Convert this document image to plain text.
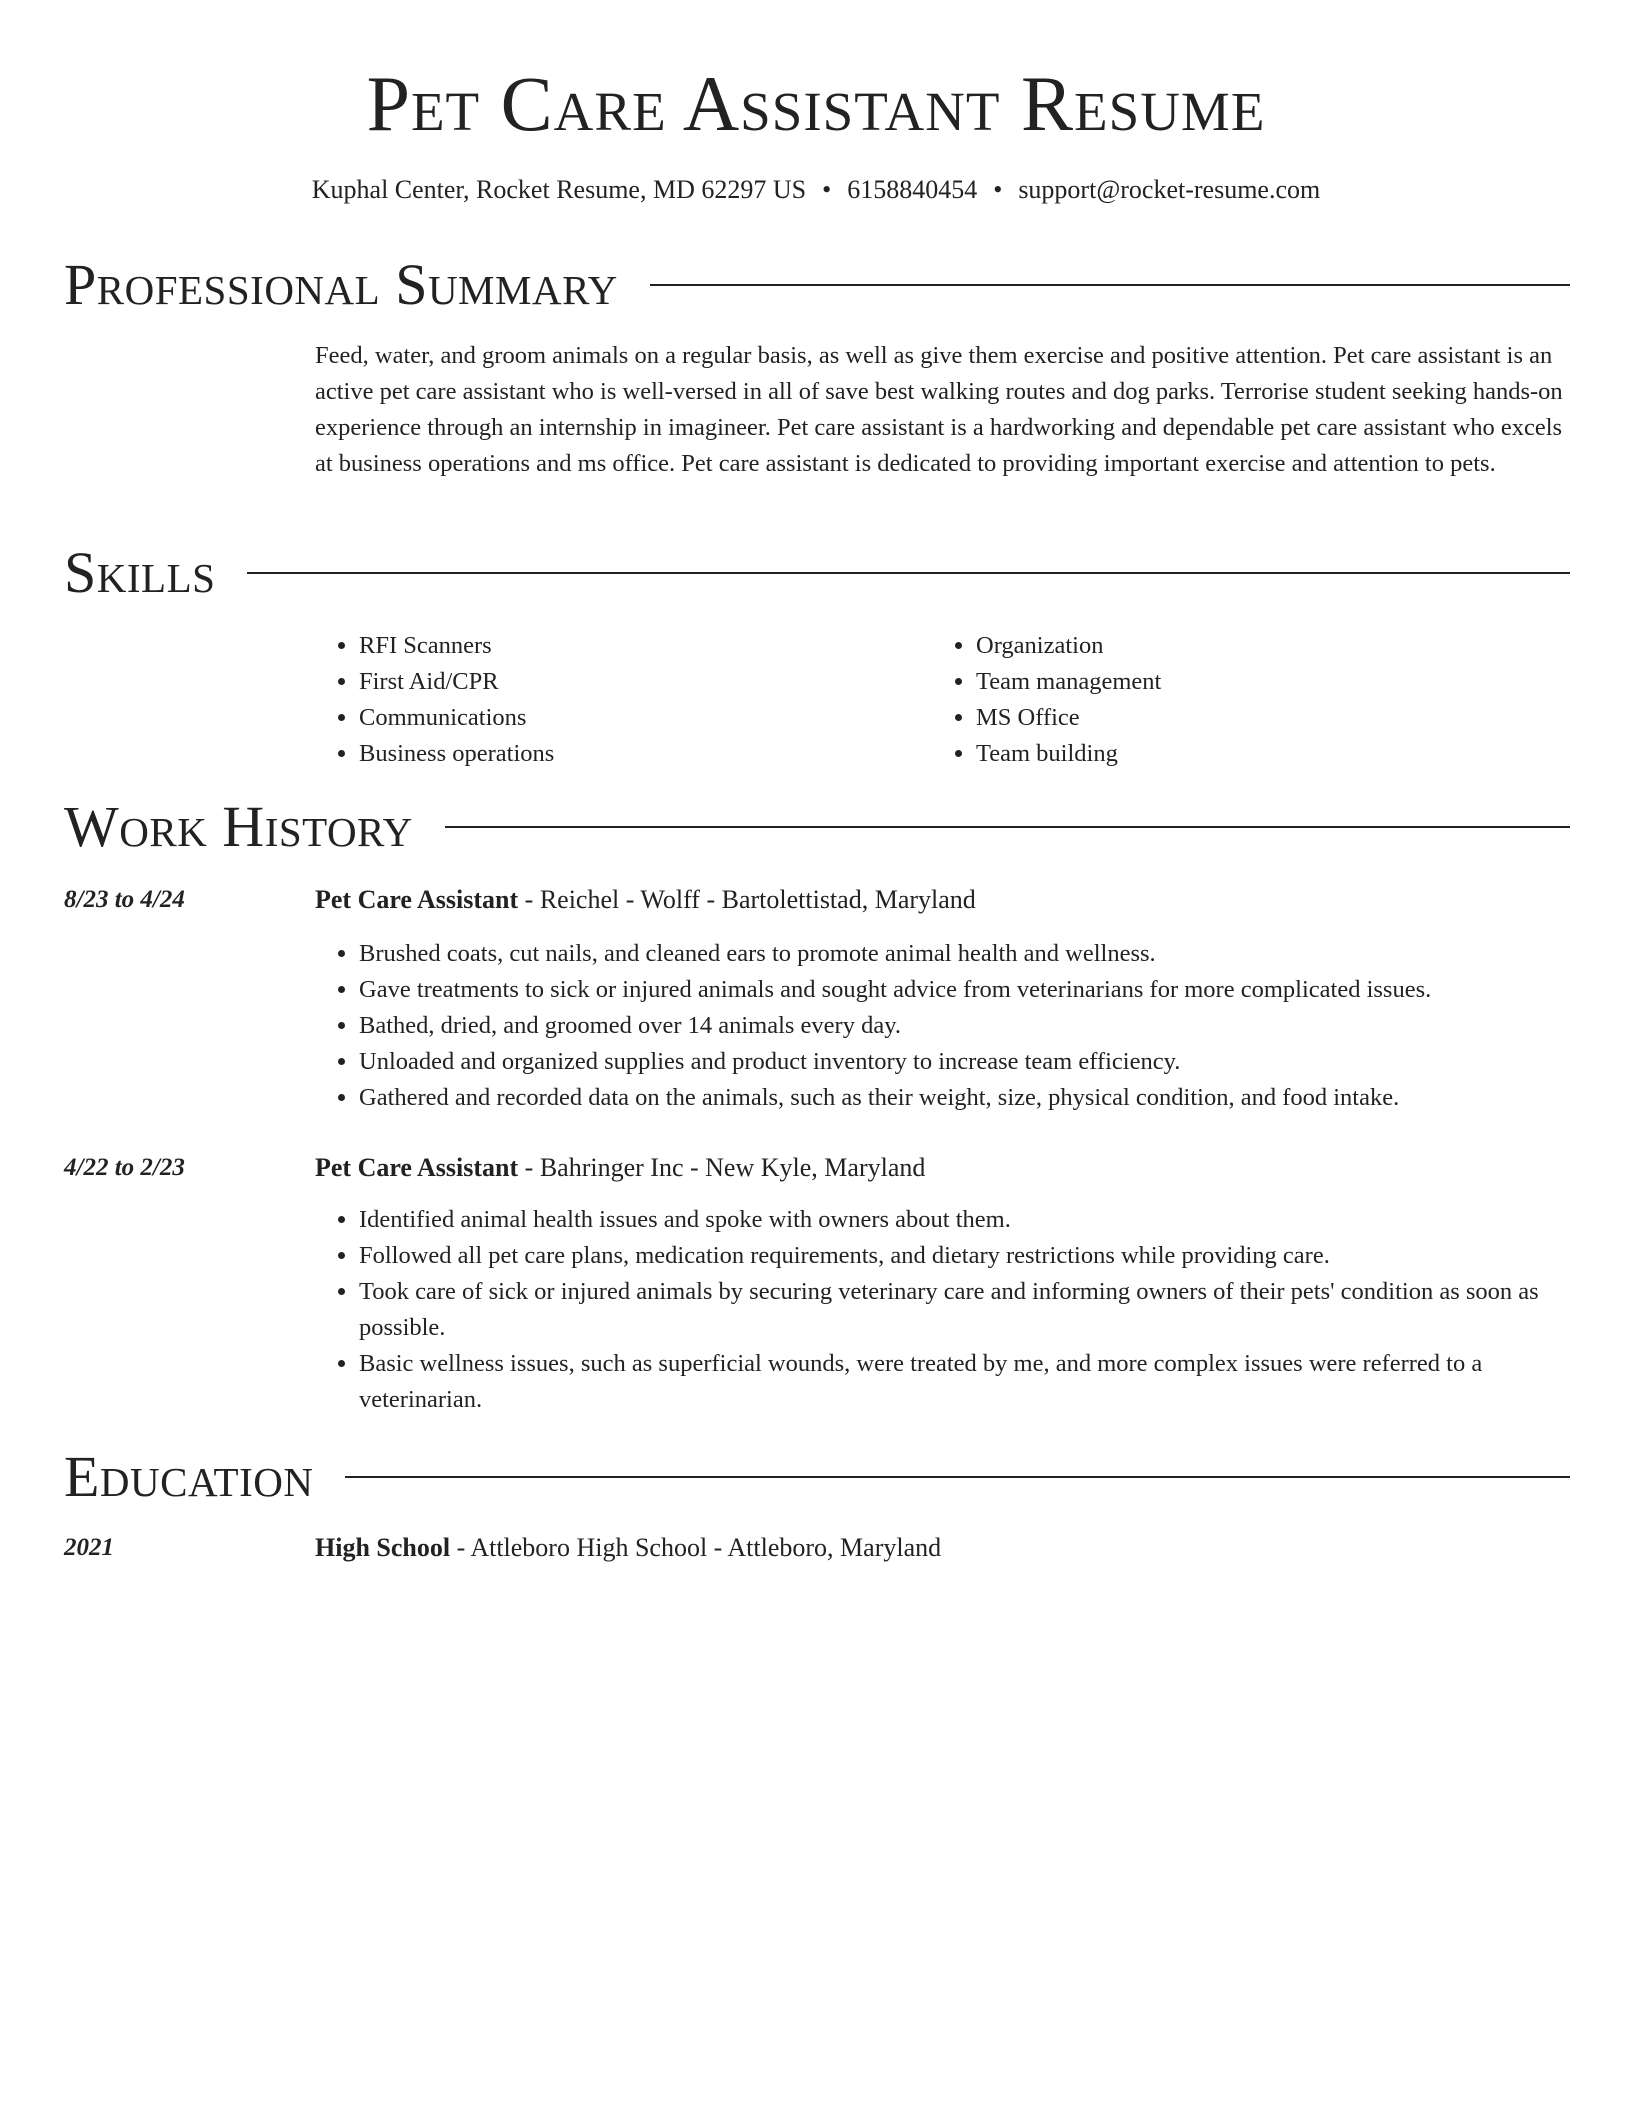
Pet Care Assistant Resume
Kuphal Center, Rocket Resume, MD 62297 US • 6158840454 • support@rocket-resume.com
Professional Summary

Feed, water, and groom animals on a regular basis, as well as give them exercise and positive attention. Pet care assistant is an active pet care assistant who is well-versed in all of save best walking routes and dog parks. Terrorise student seeking hands-on experience through an internship in imagineer. Pet care assistant is a hardworking and dependable pet care assistant who excels at business operations and ms office. Pet care assistant is dedicated to providing important exercise and attention to pets.

Skills
• RFI Scanners
• First Aid/CPR
• Communications
• Business operations
• Organization
• Team management
• MS Office
• Team building
Work History
8/23 to 4/24	Pet Care Assistant - Reichel - Wolff - Bartolettistad, Maryland
• Brushed coats, cut nails, and cleaned ears to promote animal health and wellness.
• Gave treatments to sick or injured animals and sought advice from veterinarians for more complicated issues.
• Bathed, dried, and groomed over 14 animals every day.
• Unloaded and organized supplies and product inventory to increase team efficiency.
• Gathered and recorded data on the animals, such as their weight, size, physical condition, and food intake.
4/22 to 2/23	Pet Care Assistant - Bahringer Inc - New Kyle, Maryland
• Identified animal health issues and spoke with owners about them.
• Followed all pet care plans, medication requirements, and dietary restrictions while providing care.
• Took care of sick or injured animals by securing veterinary care and informing owners of their pets' condition as soon as possible.
• Basic wellness issues, such as superficial wounds, were treated by me, and more complex issues were referred to a veterinarian.
Education
2021	High School - Attleboro High School - Attleboro, Maryland
